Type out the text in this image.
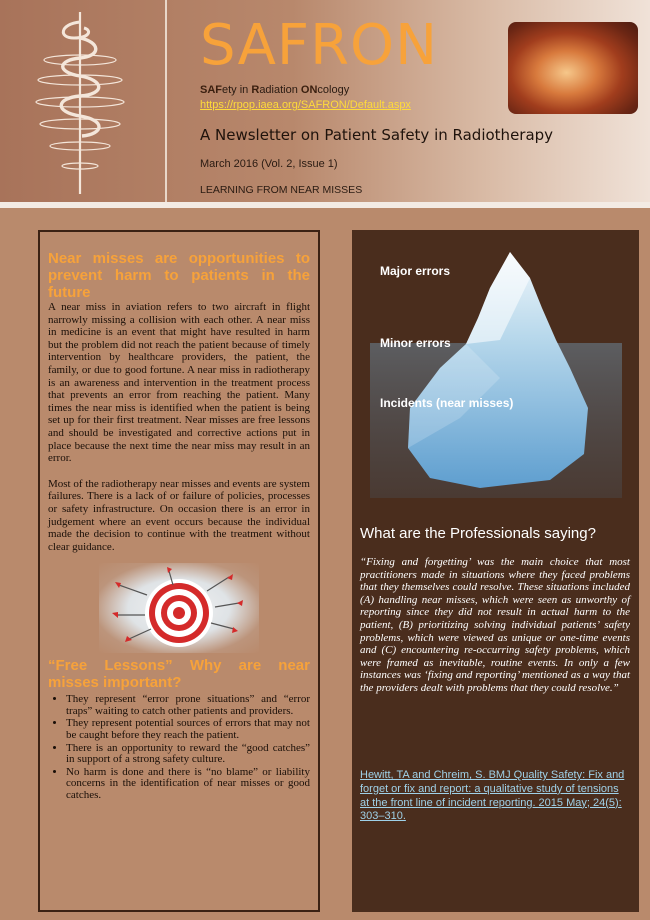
SAFRON
SAFety in Radiation ONcology
https://rpop.iaea.org/SAFRON/Default.aspx
A Newsletter on Patient Safety in Radiotherapy
March 2016 (Vol. 2, Issue 1)
LEARNING FROM NEAR MISSES
Near misses are opportunities to prevent harm to patients in the future

A near miss in aviation refers to two aircraft in flight narrowly missing a collision with each other. A near miss in medicine is an event that might have resulted in harm but the problem did not reach the patient because of timely intervention by healthcare providers, the patient, the family, or due to good fortune. A near miss in radiotherapy is an awareness and intervention in the treatment process that prevents an error from reaching the patient. Many times the near miss is identified when the patient is being set up for their first treatment. Near misses are free lessons and should be investigated and corrective actions put in place because the next time the near miss may result in an error.

Most of the radiotherapy near misses and events are system failures. There is a lack of or failure of policies, processes or safety infrastructure. On occasion there is an error in judgement where an event occurs because the individual made the decision to continue with the treatment without clear guidance.

“Free Lessons” Why are near misses important?
• They represent “error prone situations” and “error traps” waiting to catch other patients and providers.
• They represent potential sources of errors that may not be caught before they reach the patient.
• There is an opportunity to reward the “good catches” in support of a strong safety culture.
• No harm is done and there is “no blame” or liability concerns in the identification of near misses or good catches.
Major errors
Minor errors
Incidents (near misses)
What are the Professionals saying?

“Fixing and forgetting’ was the main choice that most practitioners made in situations where they faced problems that they themselves could resolve. These situations included (A) handling near misses, which were seen as unworthy of reporting since they did not result in actual harm to the patient, (B) prioritizing solving individual patients’ safety problems, which were viewed as unique or one-time events and (C) encountering re-occurring safety problems, which were framed as inevitable, routine events. In only a few instances was ‘fixing and reporting’ mentioned as a way that the providers dealt with problems that they could resolve.”

Hewitt, TA and Chreim, S. BMJ Quality Safety: Fix and forget or fix and report: a qualitative study of tensions at the front line of incident reporting. 2015 May; 24(5): 303–310.
